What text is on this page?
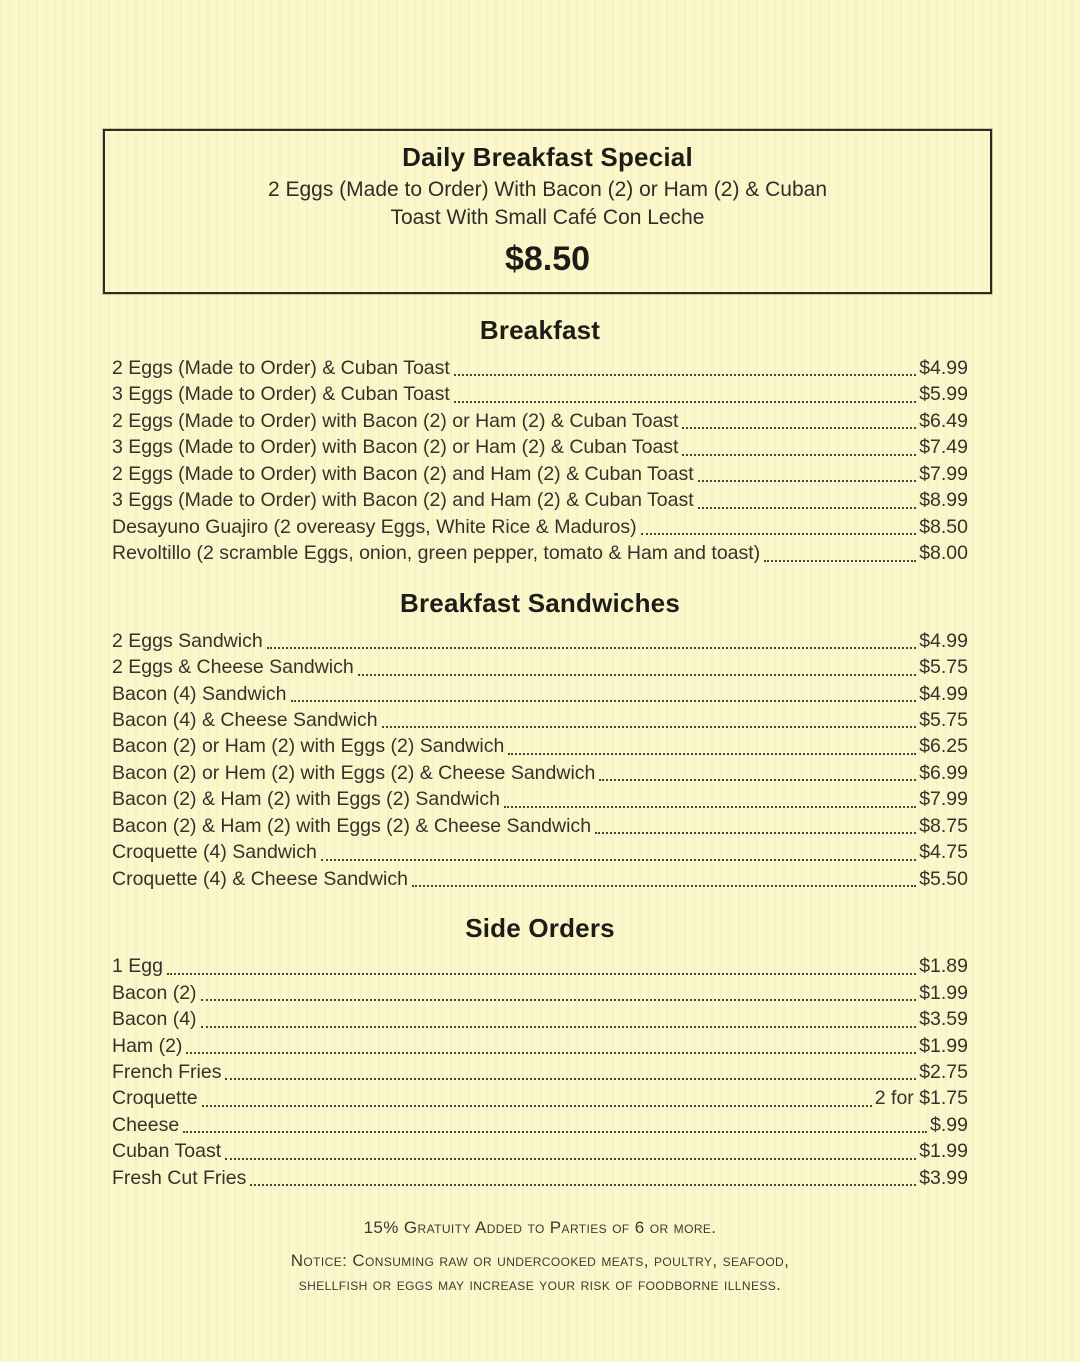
Daily Breakfast Special

2 Eggs (Made to Order) With Bacon (2) or Ham (2) & Cuban

Toast With Small Café Con Leche

$8.50
Breakfast
2 Eggs (Made to Order) & Cuban Toast	$4.99
3 Eggs (Made to Order) & Cuban Toast	$5.99
2 Eggs (Made to Order) with Bacon (2) or Ham (2) & Cuban Toast	$6.49
3 Eggs (Made to Order) with Bacon (2) or Ham (2) & Cuban Toast	$7.49
2 Eggs (Made to Order) with Bacon (2) and Ham (2) & Cuban Toast	$7.99
3 Eggs (Made to Order) with Bacon (2) and Ham (2) & Cuban Toast	$8.99
Desayuno Guajiro (2 overeasy Eggs, White Rice & Maduros)	$8.50
Revoltillo (2 scramble Eggs, onion, green pepper, tomato & Ham and toast)	$8.00
Breakfast Sandwiches
2 Eggs Sandwich	$4.99
2 Eggs & Cheese Sandwich	$5.75
Bacon (4) Sandwich	$4.99
Bacon (4) & Cheese Sandwich	$5.75
Bacon (2) or Ham (2) with Eggs (2) Sandwich	$6.25
Bacon (2) or Hem (2) with Eggs (2) & Cheese Sandwich	$6.99
Bacon (2) & Ham (2) with Eggs (2) Sandwich	$7.99
Bacon (2) & Ham (2) with Eggs (2) & Cheese Sandwich	$8.75
Croquette (4) Sandwich	$4.75
Croquette (4) & Cheese Sandwich	$5.50
Side Orders
1 Egg	$1.89
Bacon (2)	$1.99
Bacon (4)	$3.59
Ham (2)	$1.99
French Fries	$2.75
Croquette	2 for $1.75
Cheese	$.99
Cuban Toast	$1.99
Fresh Cut Fries	$3.99

15% Gratuity Added to Parties of 6 or more.

Notice: Consuming raw or undercooked meats, poultry, seafood,
shellfish or eggs may increase your risk of foodborne illness.
